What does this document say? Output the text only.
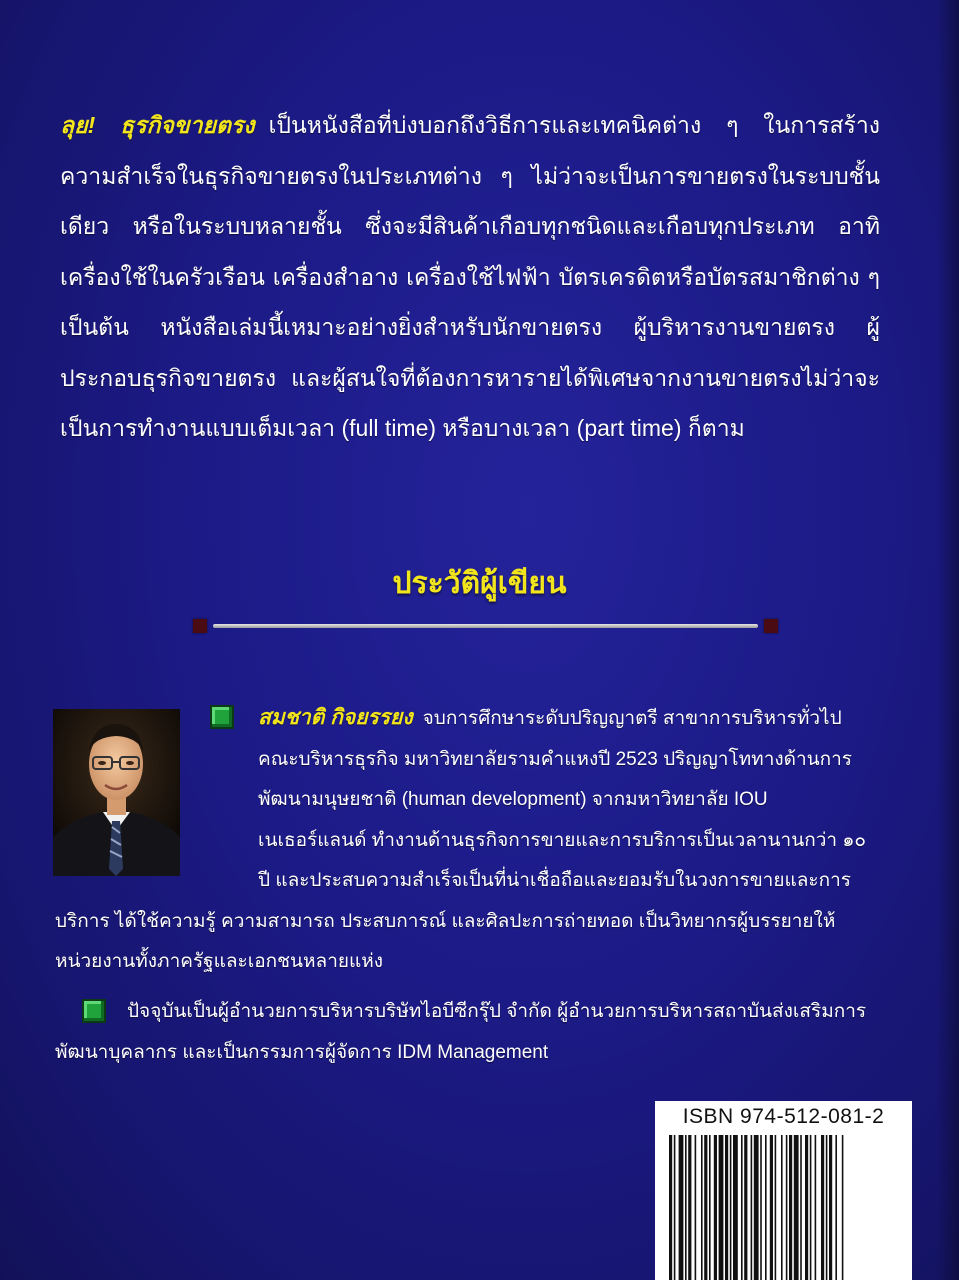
ลุย! ธุรกิจขายตรง เป็นหนังสือที่บ่งบอกถึงวิธีการและเทคนิคต่าง ๆ ในการสร้างความสำเร็จในธุรกิจขายตรงในประเภทต่าง ๆ ไม่ว่าจะเป็นการขายตรงในระบบชั้นเดียว หรือในระบบหลายชั้น ซึ่งจะมีสินค้าเกือบทุกชนิดและเกือบทุกประเภท อาทิ เครื่องใช้ในครัวเรือน เครื่องสำอาง เครื่องใช้ไฟฟ้า บัตรเครดิตหรือบัตรสมาชิกต่าง ๆ เป็นต้น หนังสือเล่มนี้เหมาะอย่างยิ่งสำหรับนักขายตรง ผู้บริหารงานขายตรง ผู้ประกอบธุรกิจขายตรง และผู้สนใจที่ต้องการหารายได้พิเศษจากงานขายตรงไม่ว่าจะเป็นการทำงานแบบเต็มเวลา (full time) หรือบางเวลา (part time) ก็ตาม
ประวัติผู้เขียน
สมชาติ กิจยรรยง จบการศึกษาระดับปริญญาตรี สาขาการบริหารทั่วไป คณะบริหารธุรกิจ มหาวิทยาลัยรามคำแหงปี 2523 ปริญญาโททางด้านการพัฒนามนุษยชาติ (human development) จากมหาวิทยาลัย IOU เนเธอร์แลนด์ ทำงานด้านธุรกิจการขายและการบริการเป็นเวลานานกว่า ๑๐ ปี และประสบความสำเร็จเป็นที่น่าเชื่อถือและยอมรับในวงการขายและการบริการ ได้ใช้ความรู้ ความสามารถ ประสบการณ์ และศิลปะการถ่ายทอด เป็นวิทยากรผู้บรรยายให้หน่วยงานทั้งภาครัฐและเอกชนหลายแห่ง
ปัจจุบันเป็นผู้อำนวยการบริหารบริษัทไอบีซีกรุ๊ป จำกัด ผู้อำนวยการบริหารสถาบันส่งเสริมการพัฒนาบุคลากร และเป็นกรรมการผู้จัดการ IDM Management
ISBN 974-512-081-2
